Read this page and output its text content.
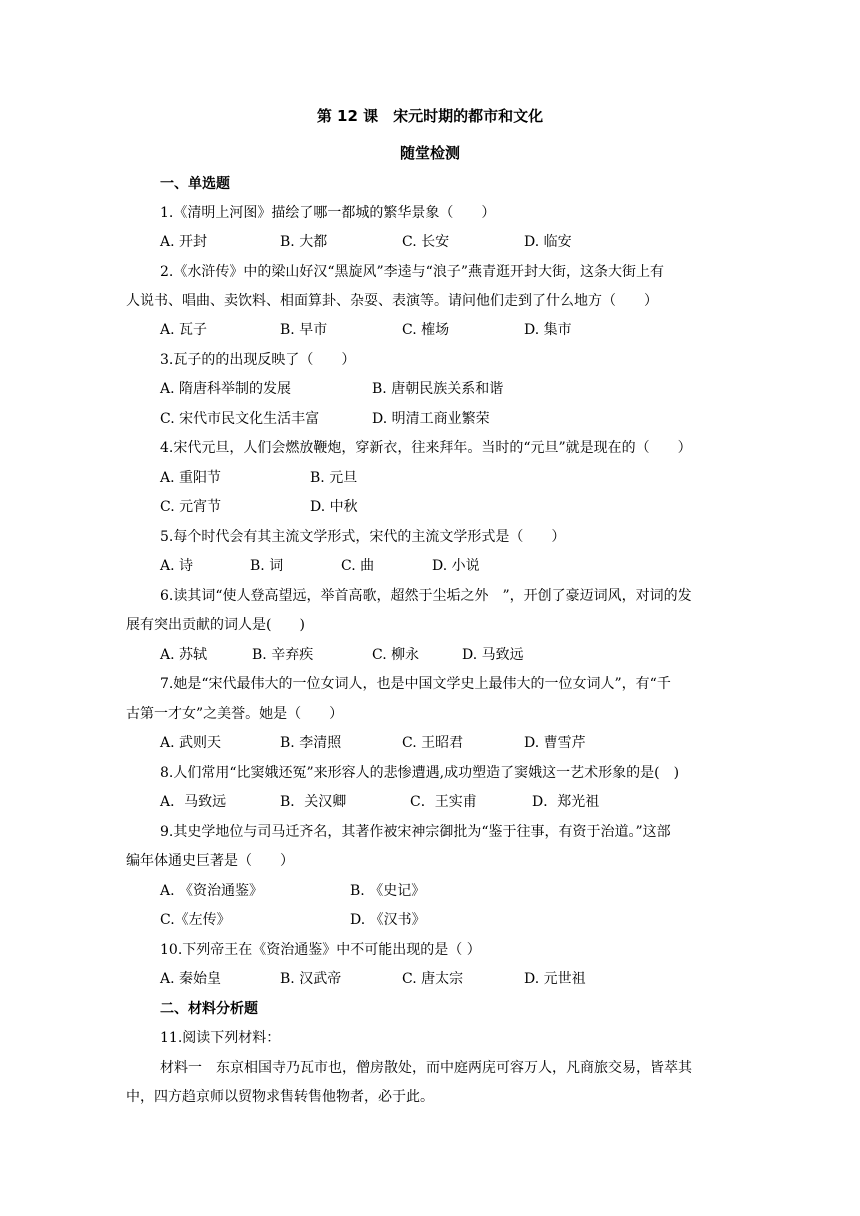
第 12 课　宋元时期的都市和文化
随堂检测
一、单选题
1.《清明上河图》描绘了哪一都城的繁华景象（　　）
A. 开封	B. 大都	C. 长安	D. 临安
2.《水浒传》中的梁山好汉“黑旋风”李逵与“浪子”燕青逛开封大街，这条大街上有
人说书、唱曲、卖饮料、相面算卦、杂耍、表演等。请问他们走到了什么地方（　　）
A. 瓦子	B. 早市	C. 榷场	D. 集市
3.瓦子的的出现反映了（　　）
A. 隋唐科举制的发展	B. 唐朝民族关系和谐
C. 宋代市民文化生活丰富	D. 明清工商业繁荣
4.宋代元旦，人们会燃放鞭炮，穿新衣，往来拜年。当时的“元旦”就是现在的（　　）
A. 重阳节	B. 元旦
C. 元宵节	D. 中秋
5.每个时代会有其主流文学形式，宋代的主流文学形式是（　　）
A. 诗	B. 词	C. 曲	D. 小说
6.读其词“使人登高望远，举首高歌，超然于尘垢之外　”，开创了豪迈词风，对词的发
展有突出贡献的词人是(　　)
A. 苏轼	B. 辛弃疾	C. 柳永	D. 马致远
7.她是“宋代最伟大的一位女词人，也是中国文学史上最伟大的一位女词人”，有“千
古第一才女”之美誉。她是（　　）
A. 武则天	B. 李清照	C. 王昭君	D. 曹雪芹
8.人们常用“比窦娥还冤”来形容人的悲惨遭遇,成功塑造了窦娥这一艺术形象的是(　)
A．马致远	B．关汉卿	C．王实甫	D．郑光祖
9.其史学地位与司马迁齐名，其著作被宋神宗御批为“鉴于往事，有资于治道。”这部
编年体通史巨著是（　　）
A. 《资治通鉴》	B. 《史记》
C.《左传》	D. 《汉书》
10.下列帝王在《资治通鉴》中不可能出现的是（ ）
A. 秦始皇	B. 汉武帝	C. 唐太宗	D. 元世祖
二、材料分析题
11.阅读下列材料：
材料一　东京相国寺乃瓦市也，僧房散处，而中庭两庑可容万人，凡商旅交易，皆萃其
中，四方趋京师以贸物求售转售他物者，必于此。
